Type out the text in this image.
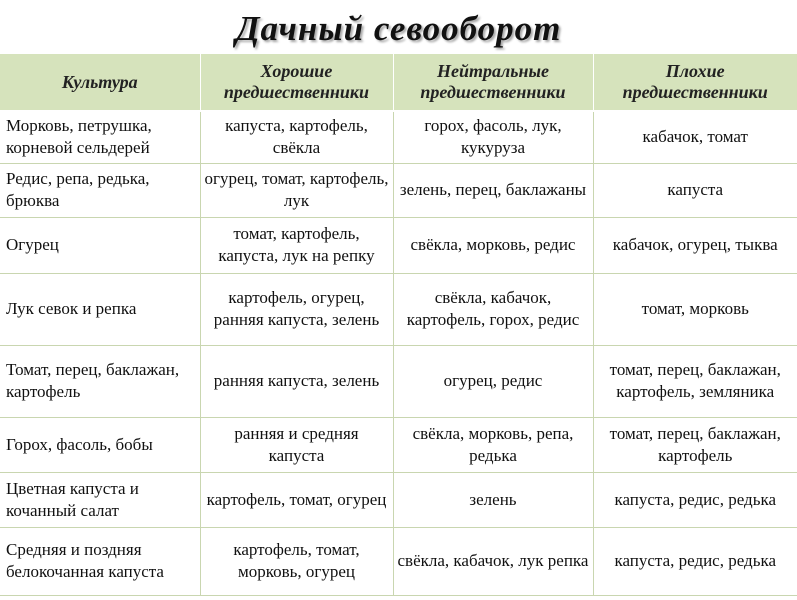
Дачный севооборот
Культура	Хорошие предшественники	Нейтральные предшественники	Плохие предшественники
Морковь, петрушка, корневой сельдерей	капуста, картофель, свёкла	горох, фасоль, лук, кукуруза	кабачок, томат
Редис, репа, редька, брюква	огурец, томат, картофель, лук	зелень, перец, баклажаны	капуста
Огурец	томат, картофель, капуста, лук на репку	свёкла, морковь, редис	кабачок, огурец, тыква
Лук севок и репка	картофель, огурец, ранняя капуста, зелень	свёкла, кабачок, картофель, горох, редис	томат, морковь
Томат, перец, баклажан, картофель	ранняя капуста, зелень	огурец, редис	томат, перец, баклажан, картофель, земляника
Горох, фасоль, бобы	ранняя и средняя капуста	свёкла, морковь, репа, редька	томат, перец, баклажан, картофель
Цветная капуста и кочанный салат	картофель, томат, огурец	зелень	капуста, редис, редька
Средняя и поздняя белокочанная капуста	картофель, томат, морковь, огурец	свёкла, кабачок, лук репка	капуста, редис, редька
